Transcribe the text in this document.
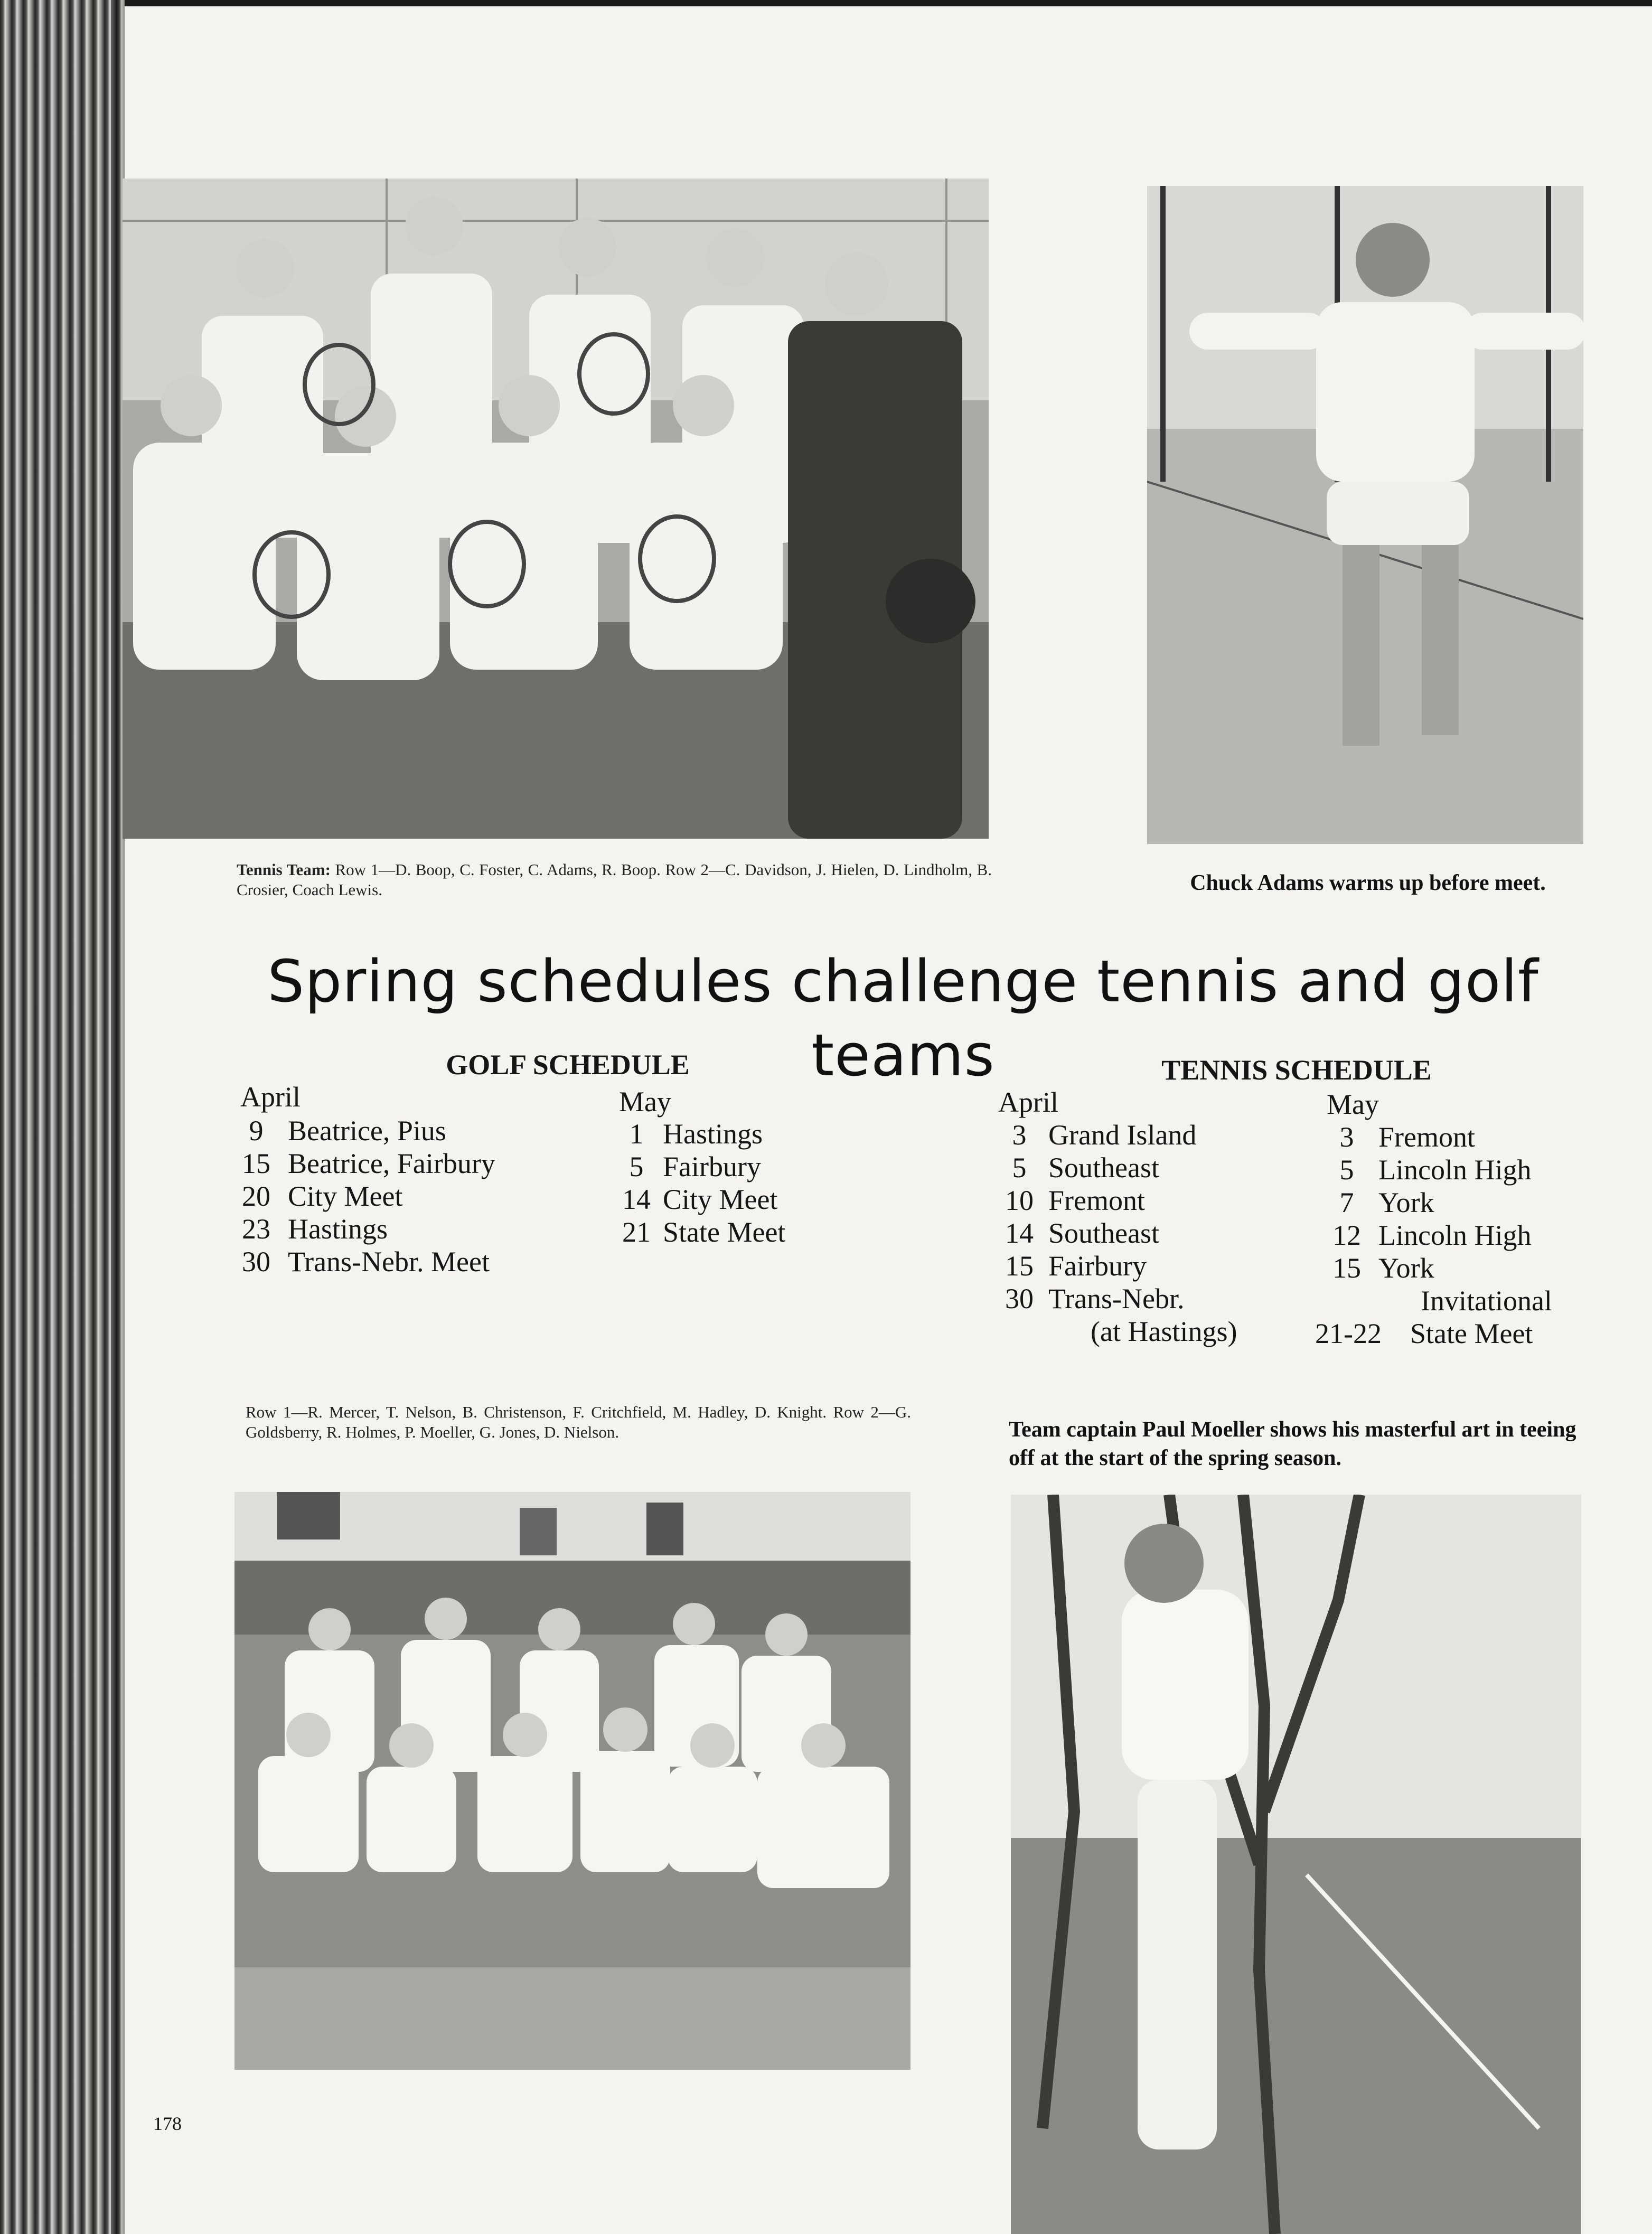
Tennis Team: Row 1—D. Boop, C. Foster, C. Adams, R. Boop. Row 2—C. Davidson, J. Hielen, D. Lindholm, B. Crosier, Coach Lewis.	Chuck Adams warms up before meet.
Spring schedules challenge tennis and golf teams
GOLF SCHEDULE
April	May
9 Beatrice, Pius
15 Beatrice, Fairbury
20 City Meet
23 Hastings
30 Trans-Nebr. Meet
1 Hastings
5 Fairbury
14 City Meet
21 State Meet
TENNIS SCHEDULE
April	May
3 Grand Island
5 Southeast
10 Fremont
14 Southeast
15 Fairbury
30 Trans-Nebr.
(at Hastings)
3 Fremont
5 Lincoln High
7 York
12 Lincoln High
15 York
Invitational
21-22	State Meet
Row 1—R. Mercer, T. Nelson, B. Christenson, F. Critchfield, M. Hadley, D. Knight. Row 2—G. Goldsberry, R. Holmes, P. Moeller, G. Jones, D. Nielson.	Team captain Paul Moeller shows his masterful art in teeing off at the start of the spring season.
178
